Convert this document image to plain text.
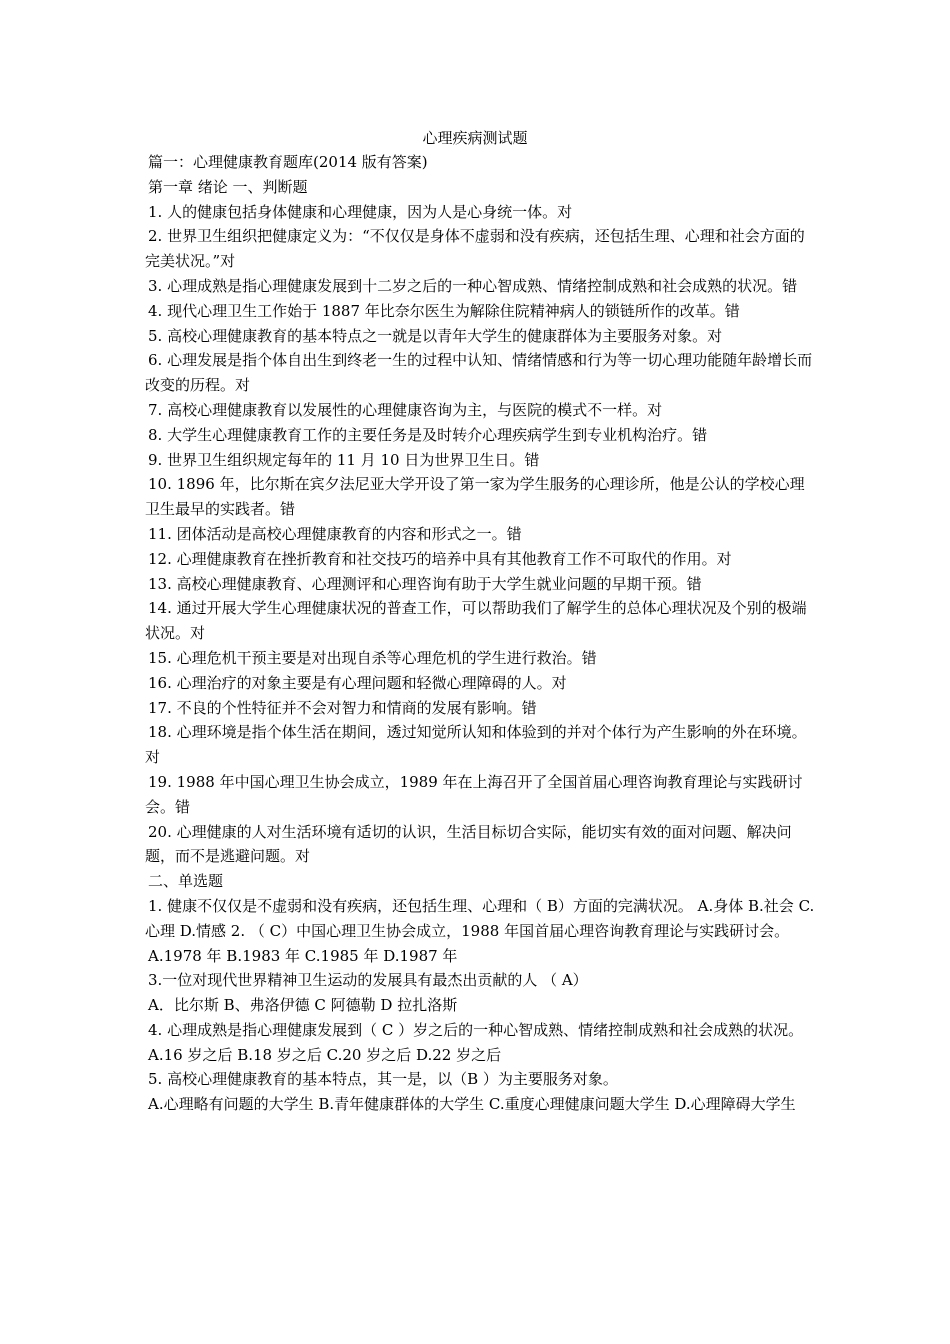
心理疾病测试题

篇一：心理健康教育题库(2014 版有答案)

第一章 绪论 一、判断题

1. 人的健康包括身体健康和心理健康，因为人是心身统一体。对

2. 世界卫生组织把健康定义为：“不仅仅是身体不虚弱和没有疾病，还包括生理、心理和社会方面的完美状况。”对

3. 心理成熟是指心理健康发展到十二岁之后的一种心智成熟、情绪控制成熟和社会成熟的状况。错

4. 现代心理卫生工作始于 1887 年比奈尔医生为解除住院精神病人的锁链所作的改革。错

5. 高校心理健康教育的基本特点之一就是以青年大学生的健康群体为主要服务对象。对

6. 心理发展是指个体自出生到终老一生的过程中认知、情绪情感和行为等一切心理功能随年龄增长而改变的历程。对

7. 高校心理健康教育以发展性的心理健康咨询为主，与医院的模式不一样。对

8. 大学生心理健康教育工作的主要任务是及时转介心理疾病学生到专业机构治疗。错

9. 世界卫生组织规定每年的 11 月 10 日为世界卫生日。错

10. 1896 年，比尔斯在宾夕法尼亚大学开设了第一家为学生服务的心理诊所，他是公认的学校心理卫生最早的实践者。错

11. 团体活动是高校心理健康教育的内容和形式之一。错

12. 心理健康教育在挫折教育和社交技巧的培养中具有其他教育工作不可取代的作用。对

13. 高校心理健康教育、心理测评和心理咨询有助于大学生就业问题的早期干预。错

14. 通过开展大学生心理健康状况的普查工作，可以帮助我们了解学生的总体心理状况及个别的极端状况。对

15. 心理危机干预主要是对出现自杀等心理危机的学生进行救治。错

16. 心理治疗的对象主要是有心理问题和轻微心理障碍的人。对

17. 不良的个性特征并不会对智力和情商的发展有影响。错

18. 心理环境是指个体生活在期间，透过知觉所认知和体验到的并对个体行为产生影响的外在环境。对

19. 1988 年中国心理卫生协会成立，1989 年在上海召开了全国首届心理咨询教育理论与实践研讨会。错

20. 心理健康的人对生活环境有适切的认识，生活目标切合实际，能切实有效的面对问题、解决问题，而不是逃避问题。对

二、单选题

1. 健康不仅仅是不虚弱和没有疾病，还包括生理、心理和（ B）方面的完满状况。 A.身体 B.社会 C.心理 D.情感 2. （ C）中国心理卫生协会成立，1988 年国首届心理咨询教育理论与实践研讨会。

A.1978 年 B.1983 年 C.1985 年 D.1987 年

3.一位对现代世界精神卫生运动的发展具有最杰出贡献的人 （ A）

A．比尔斯 B、弗洛伊德 C 阿德勒 D 拉扎洛斯

4. 心理成熟是指心理健康发展到（ C ）岁之后的一种心智成熟、情绪控制成熟和社会成熟的状况。

A.16 岁之后 B.18 岁之后 C.20 岁之后 D.22 岁之后

5. 高校心理健康教育的基本特点，其一是，以（B ）为主要服务对象。

A.心理略有问题的大学生 B.青年健康群体的大学生 C.重度心理健康问题大学生 D.心理障碍大学生
